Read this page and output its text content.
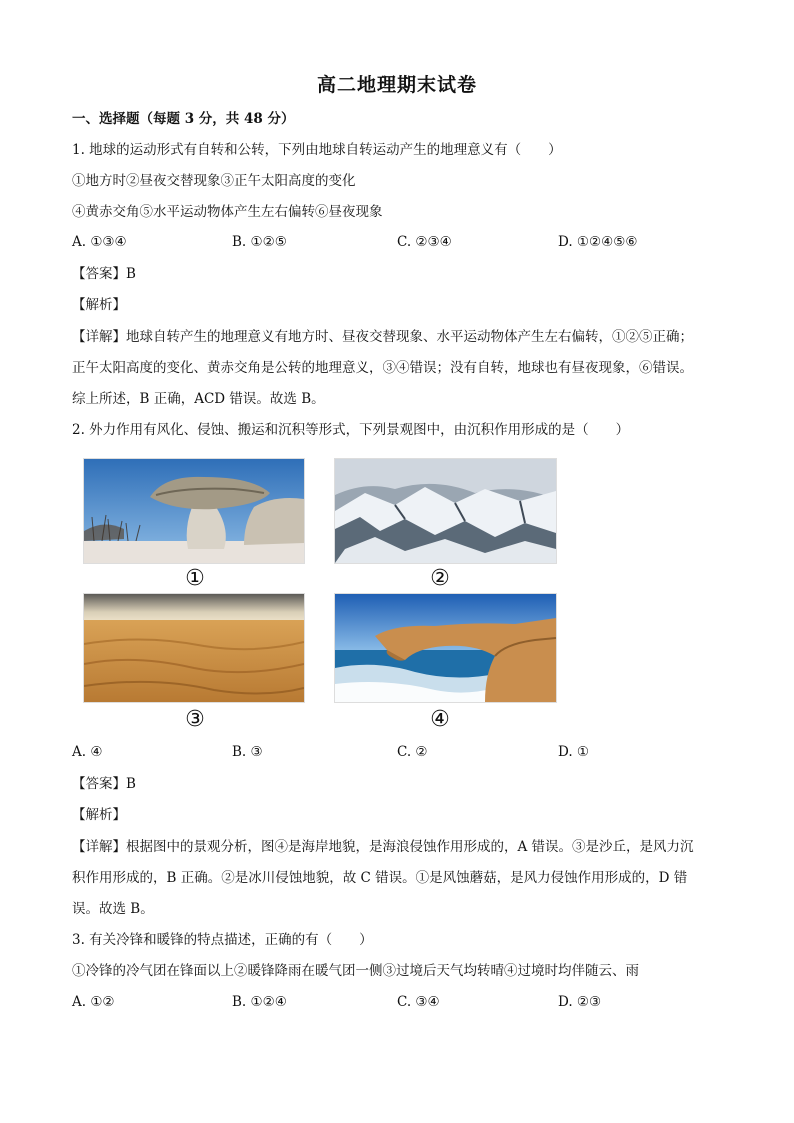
高二地理期末试卷
一、选择题（每题 3 分，共 48 分）
1. 地球的运动形式有自转和公转，下列由地球自转运动产生的地理意义有（　　）
①地方时②昼夜交替现象③正午太阳高度的变化
④黄赤交角⑤水平运动物体产生左右偏转⑥昼夜现象
A. ①③④	B. ①②⑤	C. ②③④	D. ①②④⑤⑥
【答案】B
【解析】
【详解】地球自转产生的地理意义有地方时、昼夜交替现象、水平运动物体产生左右偏转，①②⑤正确；
正午太阳高度的变化、黄赤交角是公转的地理意义，③④错误；没有自转，地球也有昼夜现象，⑥错误。
综上所述，B 正确，ACD 错误。故选 B。
2. 外力作用有风化、侵蚀、搬运和沉积等形式，下列景观图中，由沉积作用形成的是（　　）
①	②
③	④
A. ④	B. ③	C. ②	D. ①
【答案】B
【解析】
【详解】根据图中的景观分析，图④是海岸地貌，是海浪侵蚀作用形成的，A 错误。③是沙丘，是风力沉
积作用形成的，B 正确。②是冰川侵蚀地貌，故 C 错误。①是风蚀蘑菇，是风力侵蚀作用形成的，D 错
误。故选 B。
3. 有关冷锋和暖锋的特点描述，正确的有（　　）
①冷锋的冷气团在锋面以上②暖锋降雨在暖气团一侧③过境后天气均转晴④过境时均伴随云、雨
A. ①②	B. ①②④	C. ③④	D. ②③
